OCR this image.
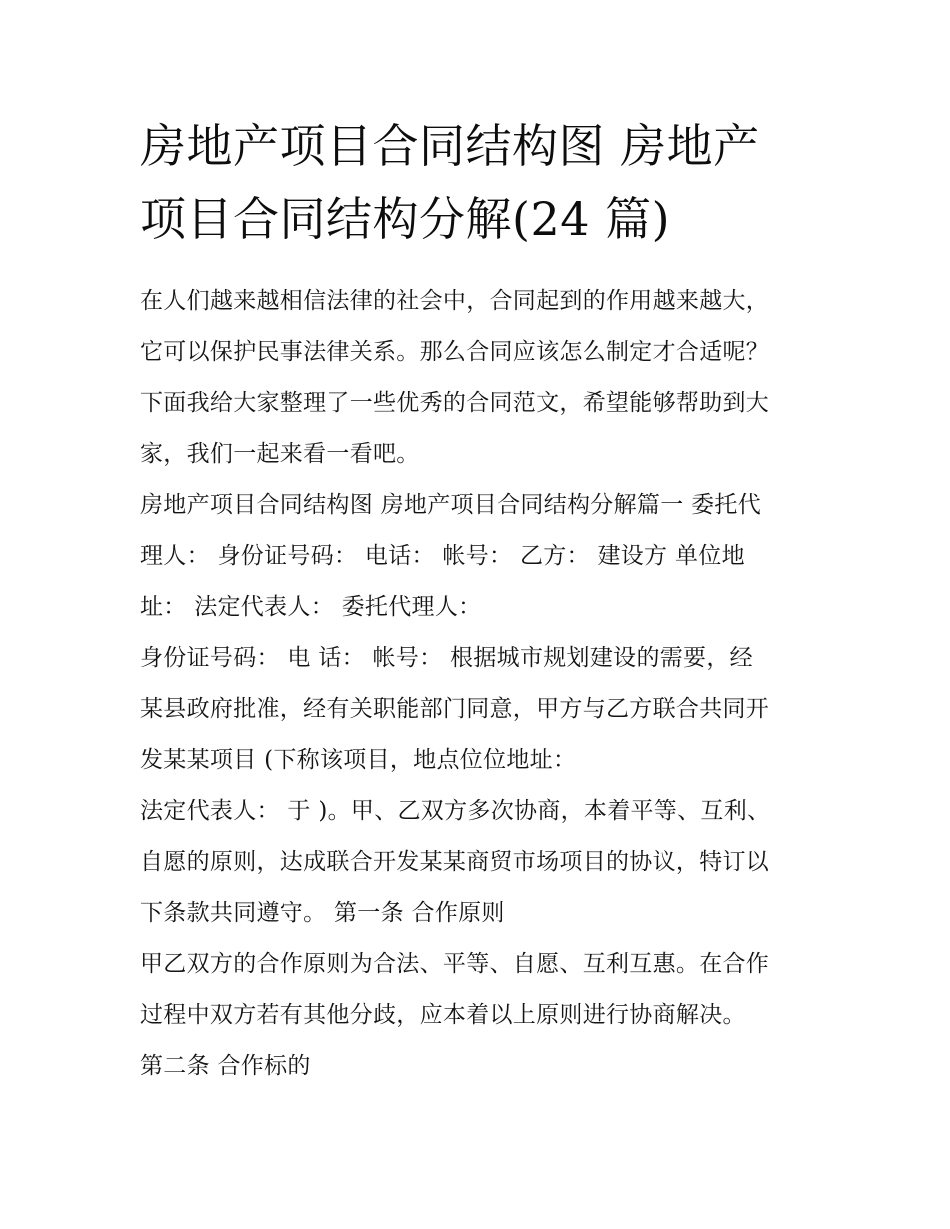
房地产项目合同结构图 房地产
项目合同结构分解(24 篇)

在人们越来越相信法律的社会中，合同起到的作用越来越大，
它可以保护民事法律关系。那么合同应该怎么制定才合适呢？
下面我给大家整理了一些优秀的合同范文，希望能够帮助到大
家，我们一起来看一看吧。

房地产项目合同结构图 房地产项目合同结构分解篇一 委托代
理人： 身份证号码： 电话： 帐号： 乙方： 建设方 单位地
址： 法定代表人： 委托代理人：

身份证号码： 电 话： 帐号： 根据城市规划建设的需要，经
某县政府批准，经有关职能部门同意，甲方与乙方联合共同开
发某某项目 (下称该项目，地点位位地址：

法定代表人： 于 )。甲、乙双方多次协商，本着平等、互利、
自愿的原则，达成联合开发某某商贸市场项目的协议，特订以
下条款共同遵守。 第一条 合作原则

甲乙双方的合作原则为合法、平等、自愿、互利互惠。在合作
过程中双方若有其他分歧，应本着以上原则进行协商解决。

第二条 合作标的
